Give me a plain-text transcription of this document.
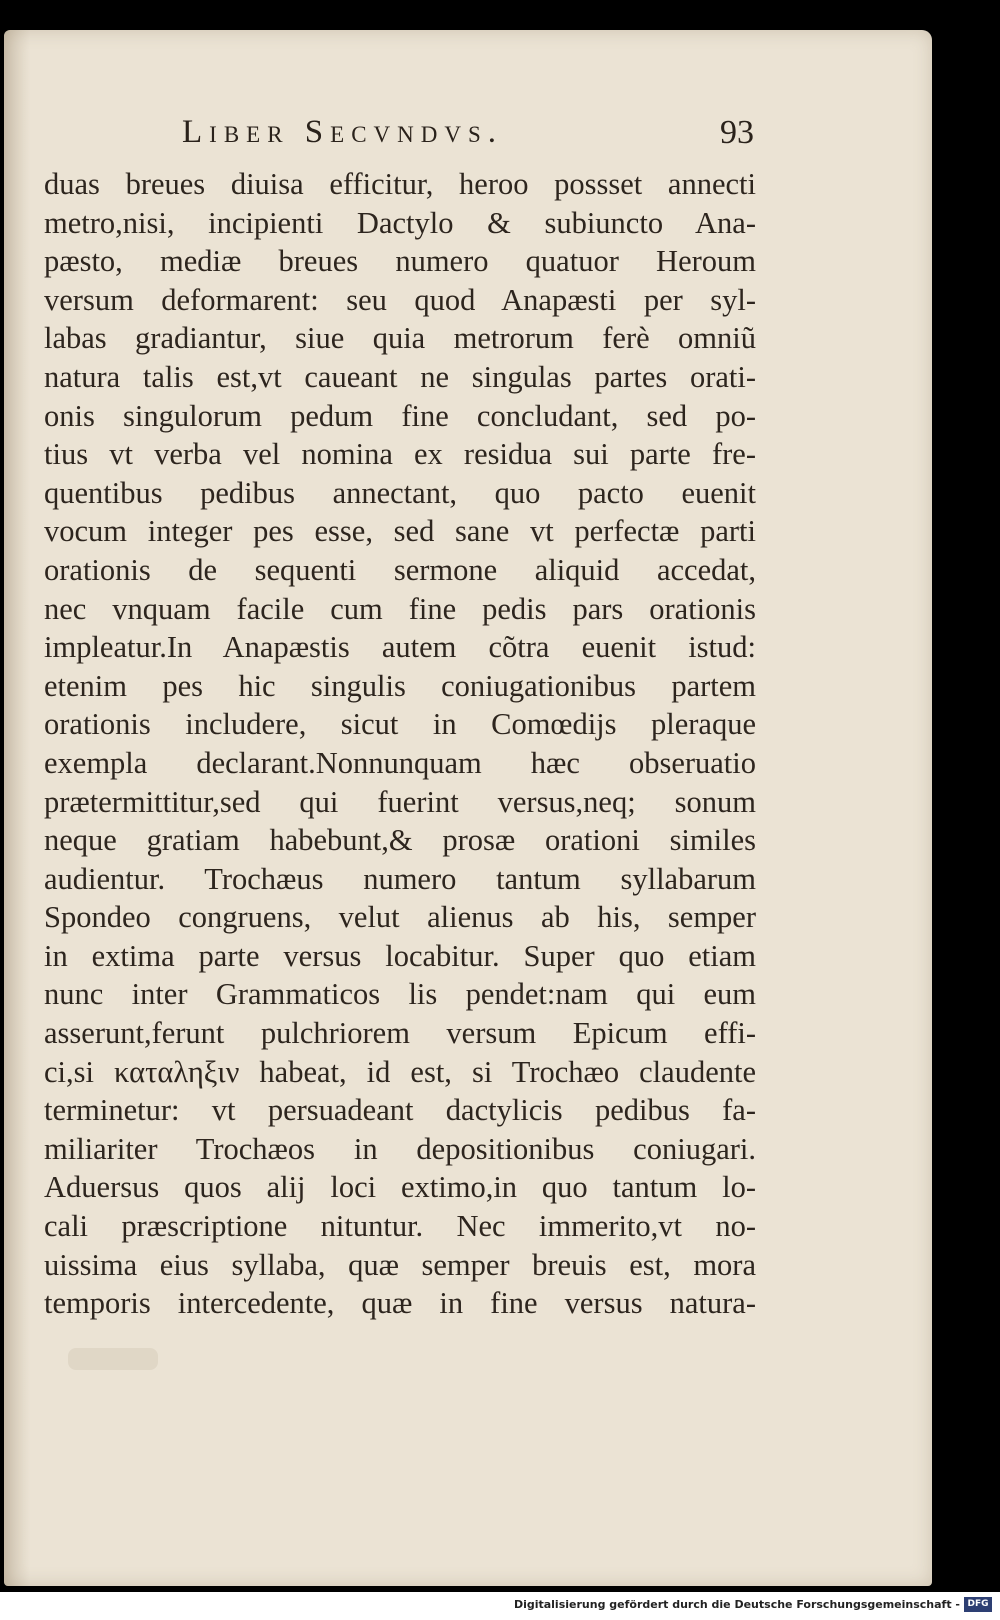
Liber Secvndvs.	93
duas breues diuisa efficitur, heroo possset annecti
metro,nisi, incipienti Dactylo & subiuncto Ana-
pæsto, mediæ breues numero quatuor Heroum
versum deformarent: seu quod Anapæsti per syl-
labas gradiantur, siue quia metrorum ferè omniũ
natura talis est,vt caueant ne singulas partes orati-
onis singulorum pedum fine concludant, sed po-
tius vt verba vel nomina ex residua sui parte fre-
quentibus pedibus annectant, quo pacto euenit
vocum integer pes esse, sed sane vt perfectæ parti
orationis de sequenti sermone aliquid accedat,
nec vnquam facile cum fine pedis pars orationis
impleatur.In Anapæstis autem cõtra euenit istud:
etenim pes hic singulis coniugationibus partem
orationis includere, sicut in Comœdijs pleraque
exempla declarant.Nonnunquam hæc obseruatio
prætermittitur,sed qui fuerint versus,neq; sonum
neque gratiam habebunt,& prosæ orationi similes
audientur. Trochæus numero tantum syllabarum
Spondeo congruens, velut alienus ab his, semper
in extima parte versus locabitur. Super quo etiam
nunc inter Grammaticos lis pendet:nam qui eum
asserunt,ferunt pulchriorem versum Epicum effi-
ci,si καταληξιν habeat, id est, si Trochæo claudente
terminetur: vt persuadeant dactylicis pedibus fa-
miliariter Trochæos in depositionibus coniugari.
Aduersus quos alij loci extimo,in quo tantum lo-
cali præscriptione nituntur. Nec immerito,vt no-
uissima eius syllaba, quæ semper breuis est, mora
temporis intercedente, quæ in fine versus natura-
Digitalisierung gefördert durch die Deutsche Forschungsgemeinschaft - DFG
